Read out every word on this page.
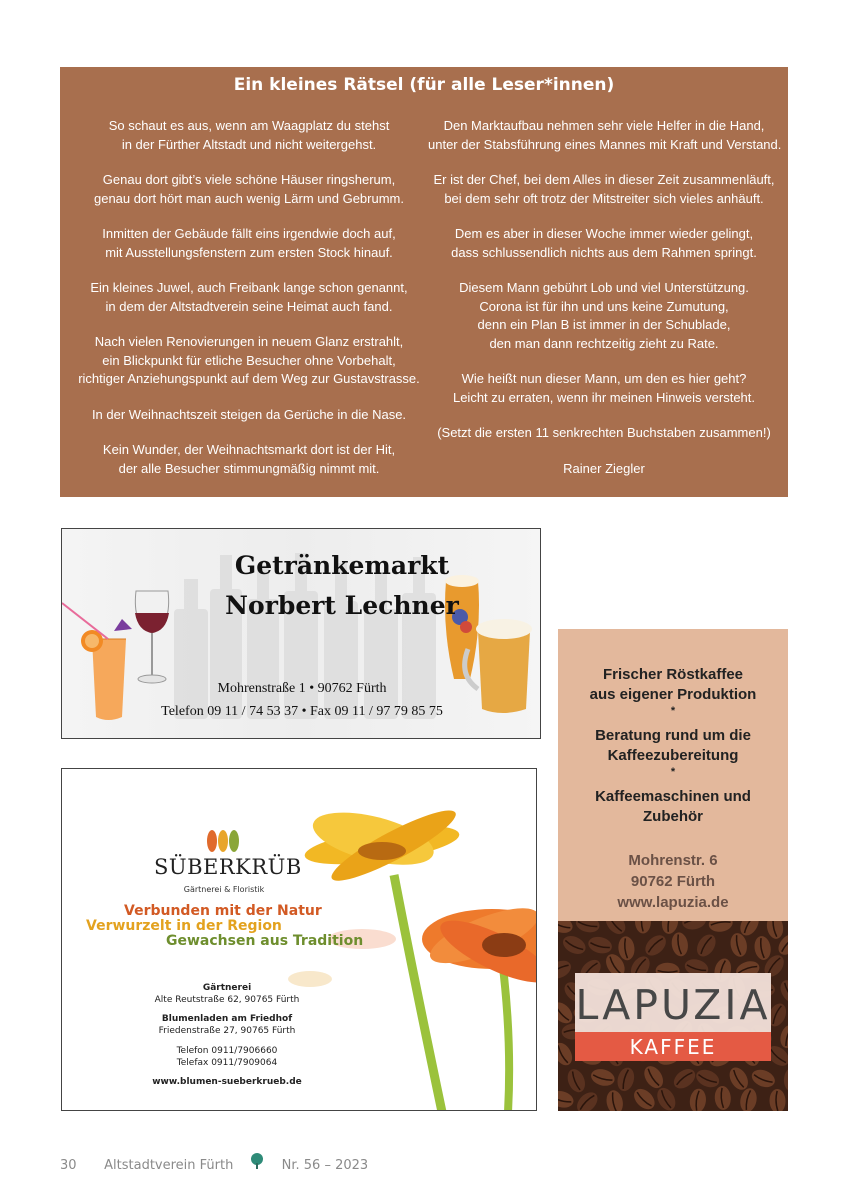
Ein kleines Rätsel (für alle Leser*innen)
So schaut es aus, wenn am Waagplatz du stehst
in der Fürther Altstadt und nicht weitergehst.
Genau dort gibt’s viele schöne Häuser ringsherum,
genau dort hört man auch wenig Lärm und Gebrumm.
Inmitten der Gebäude fällt eins irgendwie doch auf,
mit Ausstellungsfenstern zum ersten Stock hinauf.
Ein kleines Juwel, auch Freibank lange schon genannt,
in dem der Altstadtverein seine Heimat auch fand.
Nach vielen Renovierungen in neuem Glanz erstrahlt,
ein Blickpunkt für etliche Besucher ohne Vorbehalt,
richtiger Anziehungspunkt auf dem Weg zur Gustavstrasse.
In der Weihnachtszeit steigen da Gerüche in die Nase.
Kein Wunder, der Weihnachtsmarkt dort ist der Hit,
der alle Besucher stimmungmäßig nimmt mit.
Den Marktaufbau nehmen sehr viele Helfer in die Hand,
unter der Stabsführung eines Mannes mit Kraft und Verstand.
Er ist der Chef, bei dem Alles in dieser Zeit zusammenläuft,
bei dem sehr oft trotz der Mitstreiter sich vieles anhäuft.
Dem es aber in dieser Woche immer wieder gelingt,
dass schlussendlich nichts aus dem Rahmen springt.
Diesem Mann gebührt Lob und viel Unterstützung.
Corona ist für ihn und uns keine Zumutung,
denn ein Plan B ist immer in der Schublade,
den man dann rechtzeitig zieht zu Rate.
Wie heißt nun dieser Mann, um den es hier geht?
Leicht zu erraten, wenn ihr meinen Hinweis versteht.
(Setzt die ersten 11 senkrechten Buchstaben zusammen!)
Rainer Ziegler
Getränkemarkt
Norbert Lechner
Mohrenstraße 1 • 90762 Fürth
Telefon 09 11 / 74 53 37 • Fax 09 11 / 97 79 85 75
SÜBERKRÜB
Gärtnerei & Floristik
Verbunden mit der Natur
Verwurzelt in der Region
Gewachsen aus Tradition
Gärtnerei
Alte Reutstraße 62, 90765 Fürth
Blumenladen am Friedhof
Friedenstraße 27, 90765 Fürth
Telefon 0911/7906660
Telefax 0911/7909064
www.blumen-sueberkrueb.de
Frischer Röstkaffee
aus eigener Produktion
*
Beratung rund um die
Kaffeezubereitung
*
Kaffeemaschinen und
Zubehör
Mohrenstr. 6
90762 Fürth
www.lapuzia.de
LAPUZIA
KAFFEE
30 Altstadtverein Fürth	Nr. 56 – 2023
